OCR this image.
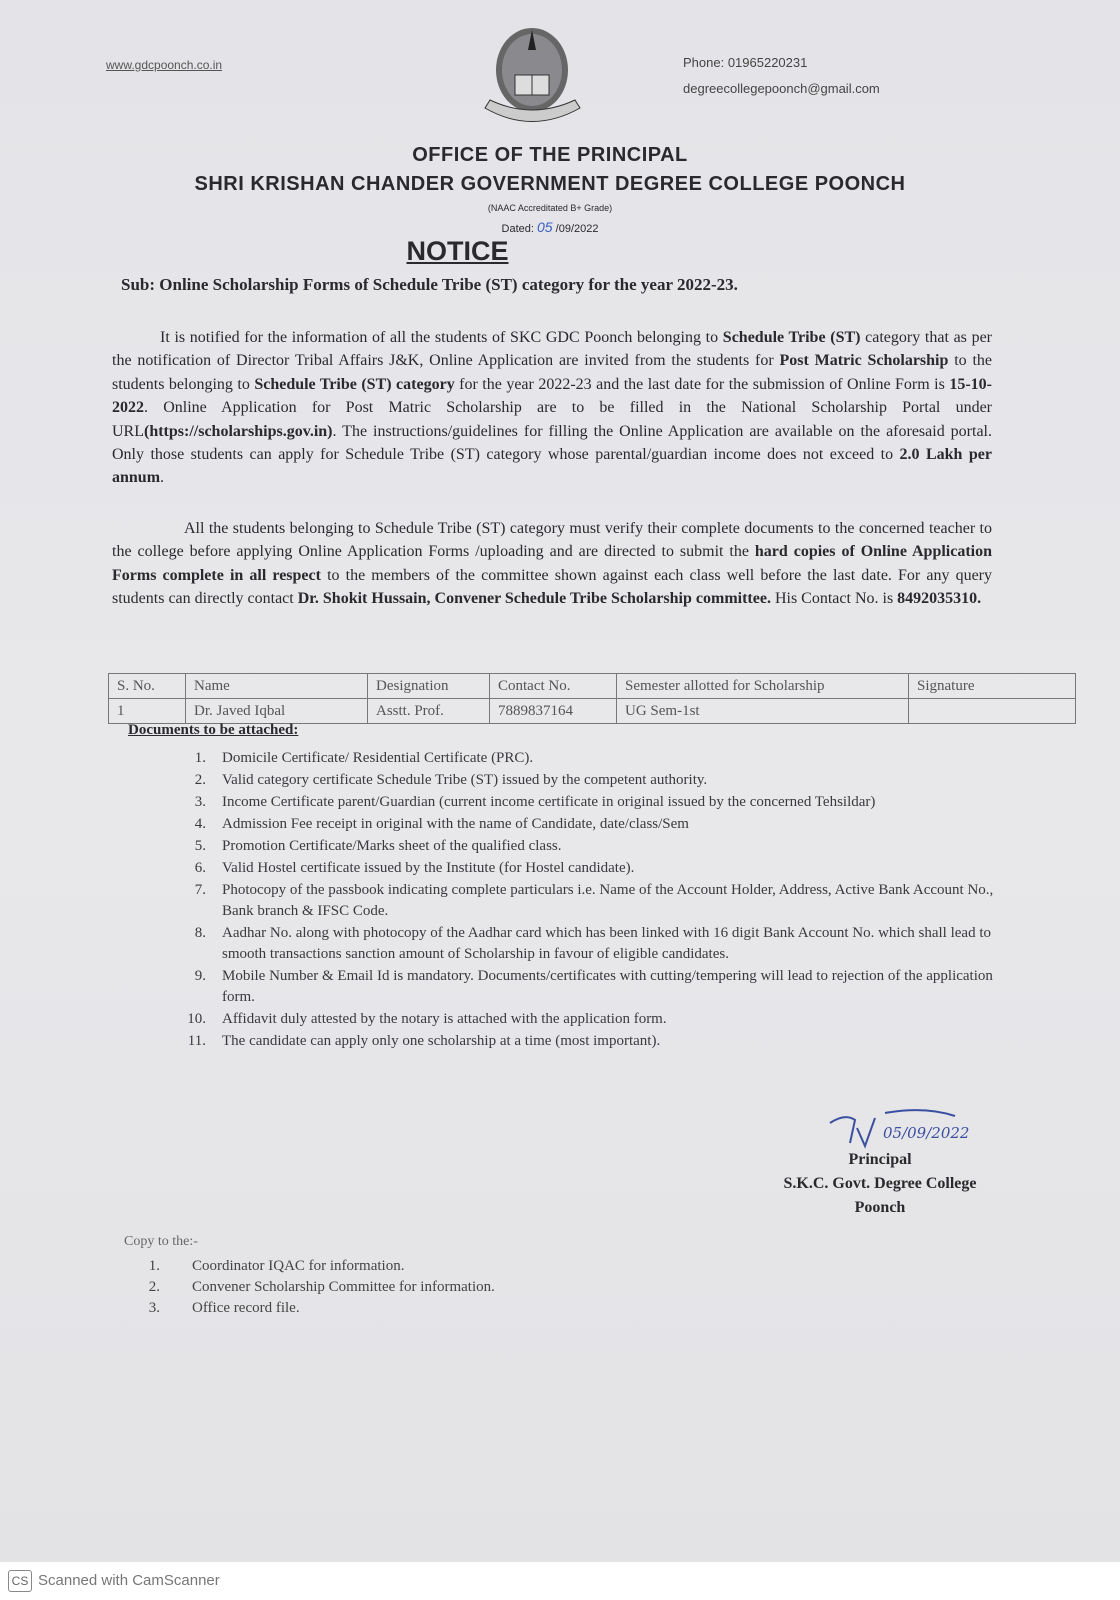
www.gdcpoonch.co.in	Phone: 01965220231
degreecollegepoonch@gmail.com
OFFICE OF THE PRINCIPAL
SHRI KRISHAN CHANDER GOVERNMENT DEGREE COLLEGE POONCH
(NAAC Accreditated B+ Grade)
Dated: 05 /09/2022
NOTICE
Sub: Online Scholarship Forms of Schedule Tribe (ST) category for the year 2022-23.
It is notified for the information of all the students of SKC GDC Poonch belonging to Schedule Tribe (ST) category that as per the notification of Director Tribal Affairs J&K, Online Application are invited from the students for Post Matric Scholarship to the students belonging to Schedule Tribe (ST) category for the year 2022-23 and the last date for the submission of Online Form is 15-10-2022. Online Application for Post Matric Scholarship are to be filled in the National Scholarship Portal under URL(https://scholarships.gov.in). The instructions/guidelines for filling the Online Application are available on the aforesaid portal. Only those students can apply for Schedule Tribe (ST) category whose parental/guardian income does not exceed to 2.0 Lakh per annum.
All the students belonging to Schedule Tribe (ST) category must verify their complete documents to the concerned teacher to the college before applying Online Application Forms /uploading and are directed to submit the hard copies of Online Application Forms complete in all respect to the members of the committee shown against each class well before the last date. For any query students can directly contact Dr. Shokit Hussain, Convener Schedule Tribe Scholarship committee. His Contact No. is 8492035310.
S. No.	Name	Designation	Contact No.	Semester allotted for Scholarship	Signature
1	Dr. Javed Iqbal	Asstt. Prof.	7889837164	UG Sem-1st	
Documents to be attached:
1. Domicile Certificate/ Residential Certificate (PRC).
2. Valid category certificate Schedule Tribe (ST) issued by the competent authority.
3. Income Certificate parent/Guardian (current income certificate in original issued by the concerned Tehsildar)
4. Admission Fee receipt in original with the name of Candidate, date/class/Sem
5. Promotion Certificate/Marks sheet of the qualified class.
6. Valid Hostel certificate issued by the Institute (for Hostel candidate).
7. Photocopy of the passbook indicating complete particulars i.e. Name of the Account Holder, Address, Active Bank Account No., Bank branch & IFSC Code.
8. Aadhar No. along with photocopy of the Aadhar card which has been linked with 16 digit Bank Account No. which shall lead to smooth transactions sanction amount of Scholarship in favour of eligible candidates.
9. Mobile Number & Email Id is mandatory. Documents/certificates with cutting/tempering will lead to rejection of the application form.
10. Affidavit duly attested by the notary is attached with the application form.
11. The candidate can apply only one scholarship at a time (most important).
05/09/2022
Principal
S.K.C. Govt. Degree College
Poonch
Copy to the:-
1. Coordinator IQAC for information.
2. Convener Scholarship Committee for information.
3. Office record file.
CS Scanned with CamScanner
